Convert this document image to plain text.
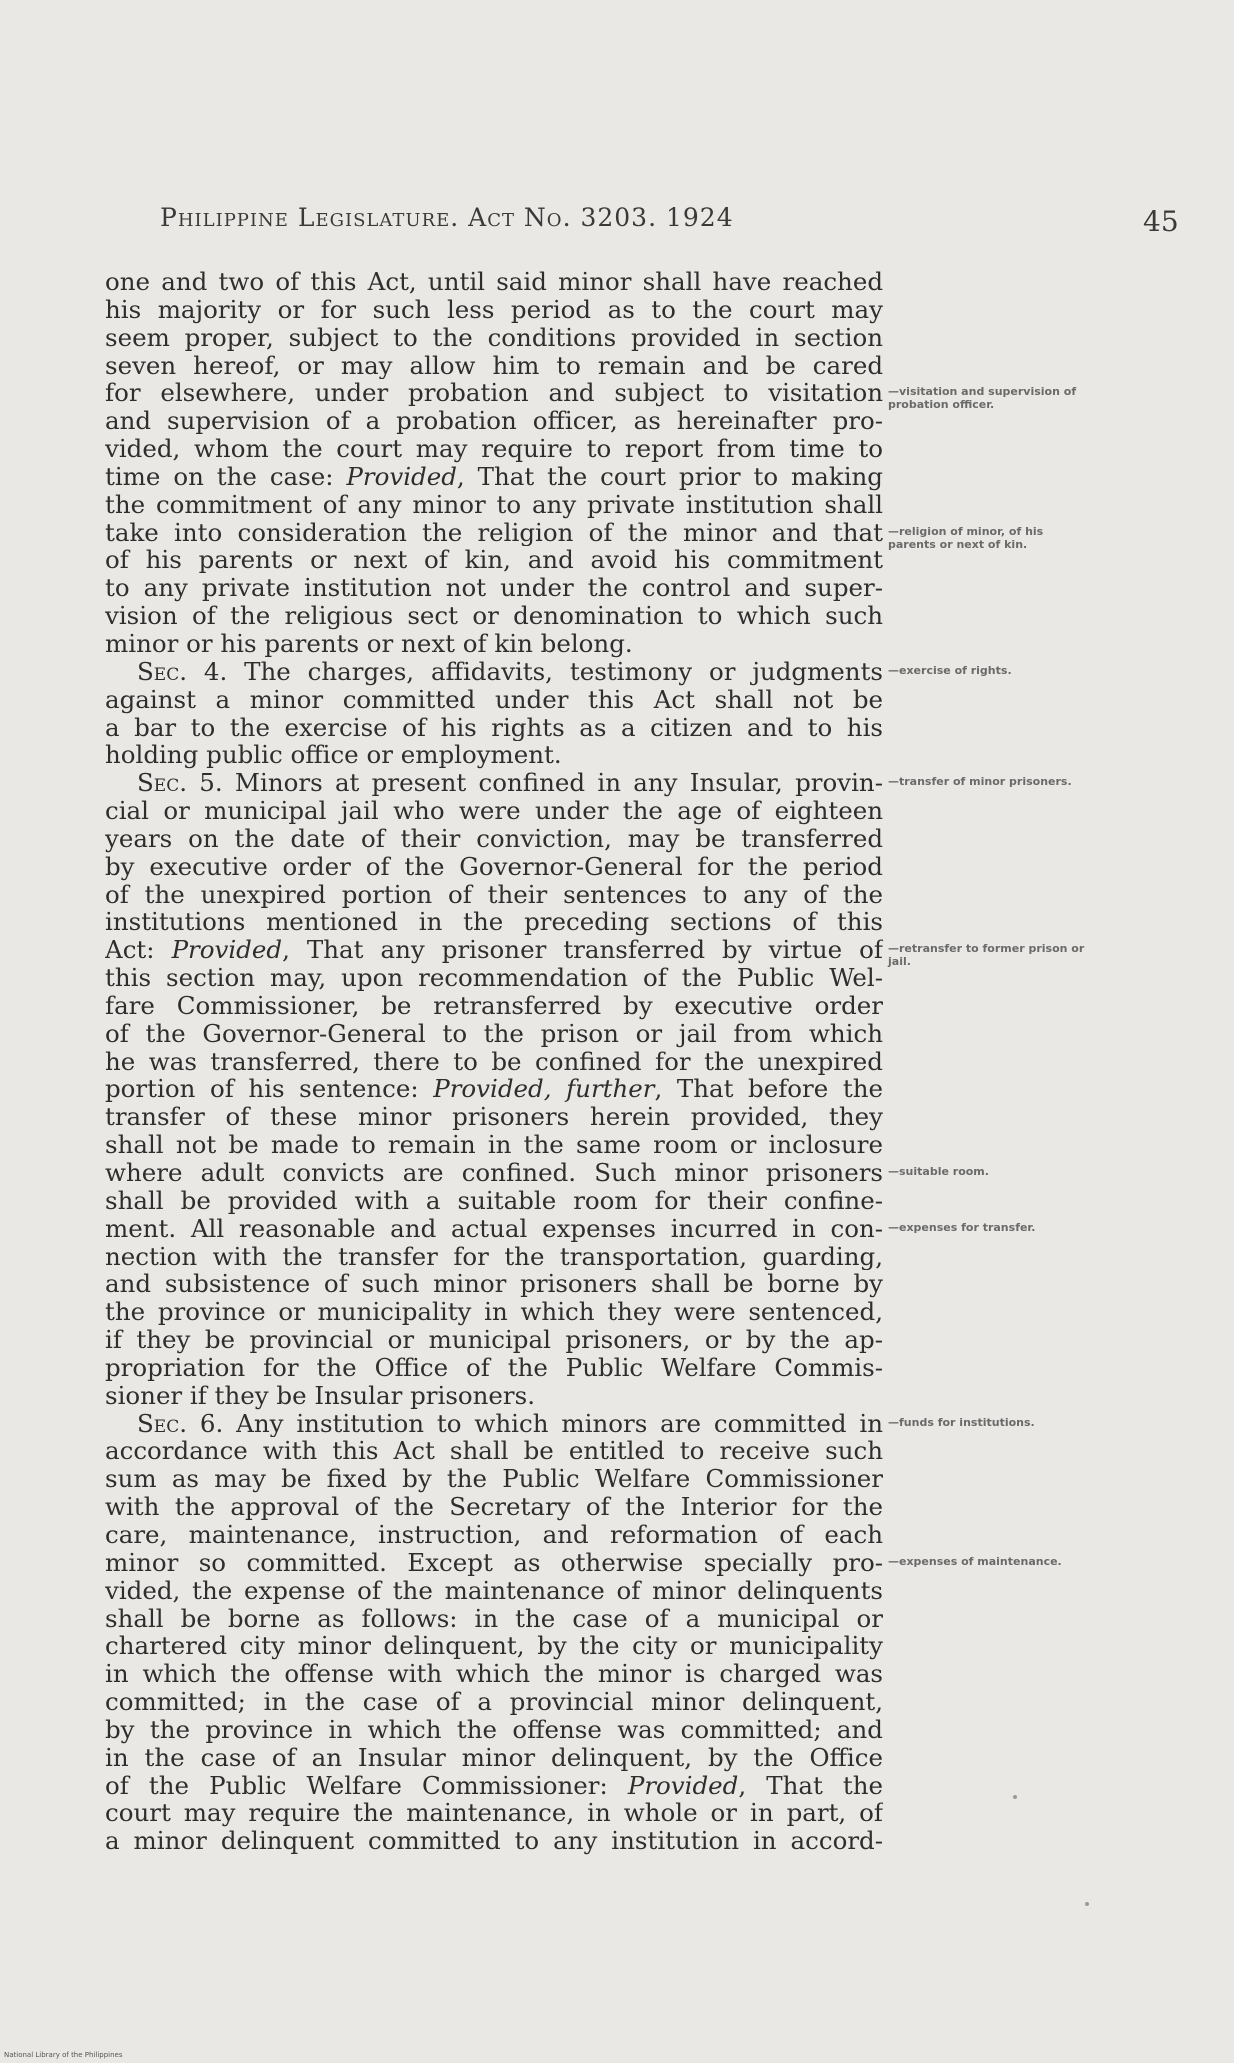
Philippine Legislature. Act No. 3203. 1924	45
one and two of this Act, until said minor shall have reached
his majority or for such less period as to the court may
seem proper, subject to the conditions provided in section
seven hereof, or may allow him to remain and be cared
for elsewhere, under probation and subject to visitation
and supervision of a probation officer, as hereinafter pro-
vided, whom the court may require to report from time to
time on the case: Provided, That the court prior to making
the commitment of any minor to any private institution shall
take into consideration the religion of the minor and that
of his parents or next of kin, and avoid his commitment
to any private institution not under the control and super-
vision of the religious sect or denomination to which such
minor or his parents or next of kin belong.
Sec. 4. The charges, affidavits, testimony or judgments
against a minor committed under this Act shall not be
a bar to the exercise of his rights as a citizen and to his
holding public office or employment.
Sec. 5. Minors at present confined in any Insular, provin-
cial or municipal jail who were under the age of eighteen
years on the date of their conviction, may be transferred
by executive order of the Governor-General for the period
of the unexpired portion of their sentences to any of the
institutions mentioned in the preceding sections of this
Act: Provided, That any prisoner transferred by virtue of
this section may, upon recommendation of the Public Wel-
fare Commissioner, be retransferred by executive order
of the Governor-General to the prison or jail from which
he was transferred, there to be confined for the unexpired
portion of his sentence: Provided, further, That before the
transfer of these minor prisoners herein provided, they
shall not be made to remain in the same room or inclosure
where adult convicts are confined. Such minor prisoners
shall be provided with a suitable room for their confine-
ment. All reasonable and actual expenses incurred in con-
nection with the transfer for the transportation, guarding,
and subsistence of such minor prisoners shall be borne by
the province or municipality in which they were sentenced,
if they be provincial or municipal prisoners, or by the ap-
propriation for the Office of the Public Welfare Commis-
sioner if they be Insular prisoners.
Sec. 6. Any institution to which minors are committed in
accordance with this Act shall be entitled to receive such
sum as may be fixed by the Public Welfare Commissioner
with the approval of the Secretary of the Interior for the
care, maintenance, instruction, and reformation of each
minor so committed. Except as otherwise specially pro-
vided, the expense of the maintenance of minor delinquents
shall be borne as follows: in the case of a municipal or
chartered city minor delinquent, by the city or municipality
in which the offense with which the minor is charged was
committed; in the case of a provincial minor delinquent,
by the province in which the offense was committed; and
in the case of an Insular minor delinquent, by the Office
of the Public Welfare Commissioner: Provided, That the
court may require the maintenance, in whole or in part, of
a minor delinquent committed to any institution in accord-
—visitation and supervision of probation officer.
—religion of minor, of his parents or next of kin.
—exercise of rights.
—transfer of minor prisoners.
—retransfer to former prison or jail.
—suitable room.
—expenses for transfer.
—funds for institutions.
—expenses of maintenance.
National Library of the Philippines
